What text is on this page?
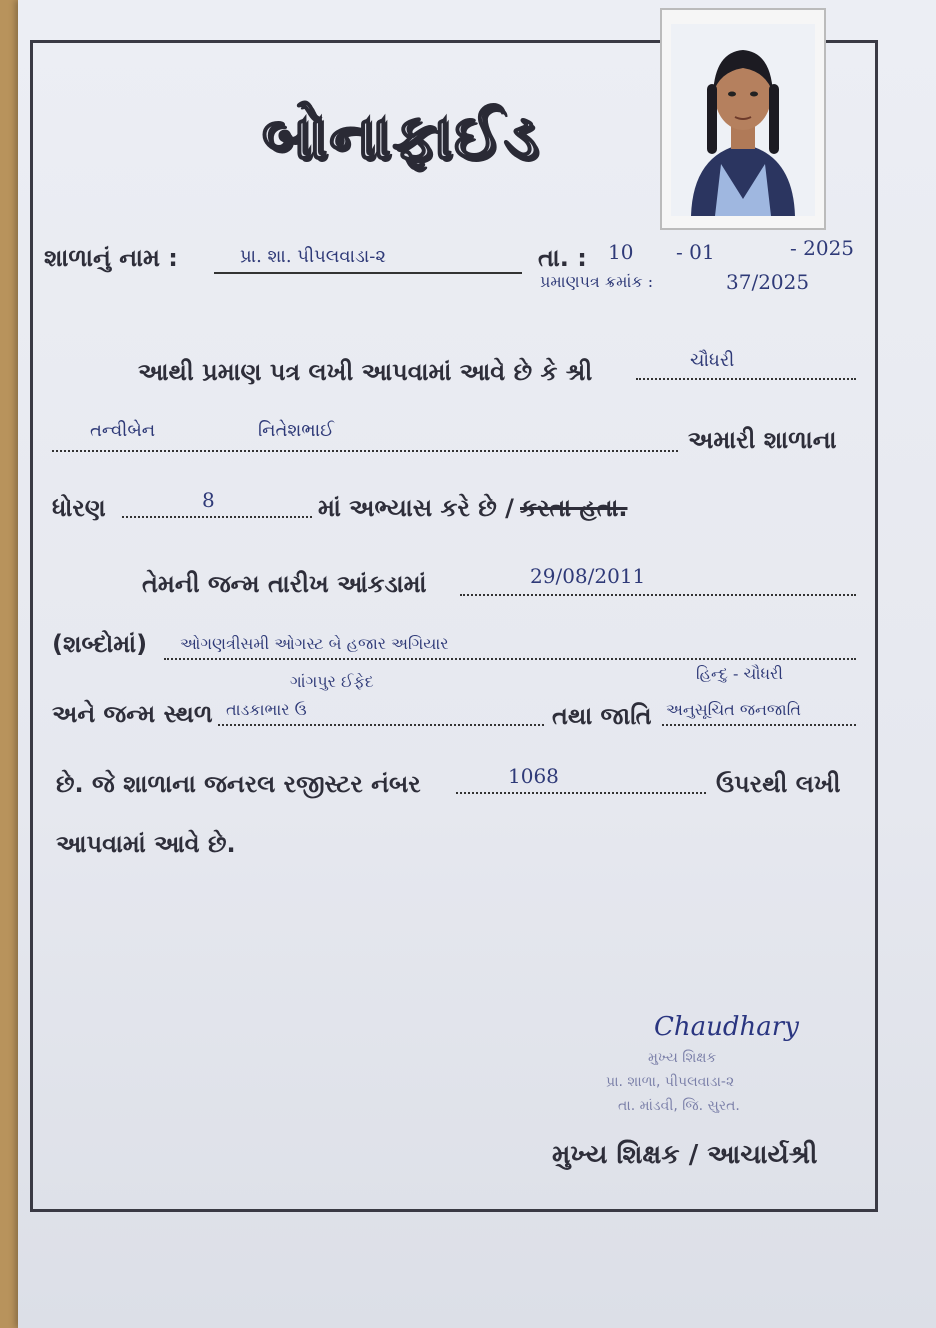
બોનાફાઈડ
શાળાનું નામ :	પ્રા. શા. પીપલવાડા-૨	તા. : 10 - 01	- 2025
પ્રમાણપત્ર ક્રમાંક :	37/2025
આથી પ્રમાણ પત્ર લખી આપવામાં આવે છે કે શ્રી	ચૌધરી
તન્વીબેન	નિતેશભાઈ	અમારી શાળાના
ધોરણ	8	માં અભ્યાસ કરે છે / કરતા હતા.
તેમની જન્મ તારીખ આંકડામાં	29/08/2011
(શબ્દોમાં) ઓગણત્રીસમી ઓગસ્ટ બે હજાર અગિયાર
ગાંગપુર ઈફેદ	હિન્દુ - ચૌધરી
અને જન્મ સ્થળ તાડકાભાર ઉ	તથા જાતિ અનુસૂચિત જનજાતિ
છે. જે શાળાના જનરલ રજીસ્ટર નંબર	1068	ઉપરથી લખી
આપવામાં આવે છે.
Chaudhary
મુખ્ય શિક્ષક
પ્રા. શાળા, પીપલવાડા-૨
તા. માંડવી, જિ. સુરત.
મુખ્ય શિક્ષક / આચાર્યશ્રી
